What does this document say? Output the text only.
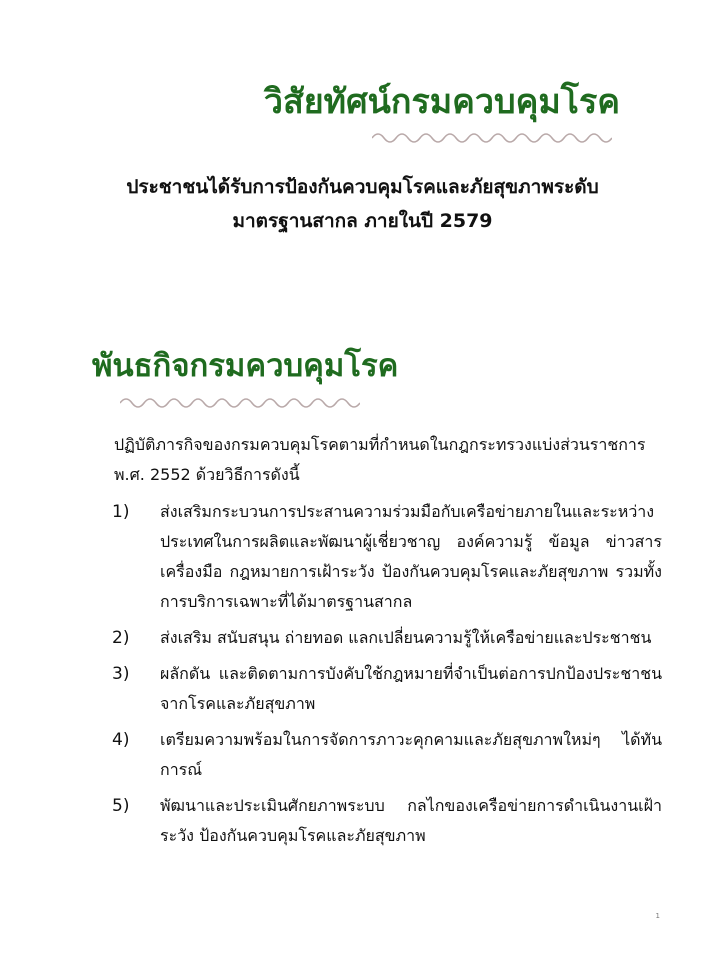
วิสัยทัศน์กรมควบคุมโรค
ประชาชนได้รับการป้องกันควบคุมโรคและภัยสุขภาพระดับ
มาตรฐานสากล ภายในปี 2579
พันธกิจกรมควบคุมโรค

ปฏิบัติภารกิจของกรมควบคุมโรคตามที่กำหนดในกฎกระทรวงแบ่งส่วนราชการ พ.ศ. 2552 ด้วยวิธีการดังนี้

1)	ส่งเสริมกระบวนการประสานความร่วมมือกับเครือข่ายภายในและระหว่างประเทศในการผลิตและพัฒนาผู้เชี่ยวชาญ องค์ความรู้ ข้อมูล ข่าวสาร เครื่องมือ กฎหมายการเฝ้าระวัง ป้องกันควบคุมโรคและภัยสุขภาพ รวมทั้งการบริการเฉพาะที่ได้มาตรฐานสากล
2)	ส่งเสริม สนับสนุน ถ่ายทอด แลกเปลี่ยนความรู้ให้เครือข่ายและประชาชน
3)	ผลักดัน และติดตามการบังคับใช้กฎหมายที่จำเป็นต่อการปกป้องประชาชนจากโรคและภัยสุขภาพ
4)	เตรียมความพร้อมในการจัดการภาวะคุกคามและภัยสุขภาพใหม่ๆ ได้ทันการณ์
5)	พัฒนาและประเมินศักยภาพระบบ กลไกของเครือข่ายการดำเนินงานเฝ้าระวัง ป้องกันควบคุมโรคและภัยสุขภาพ
1
